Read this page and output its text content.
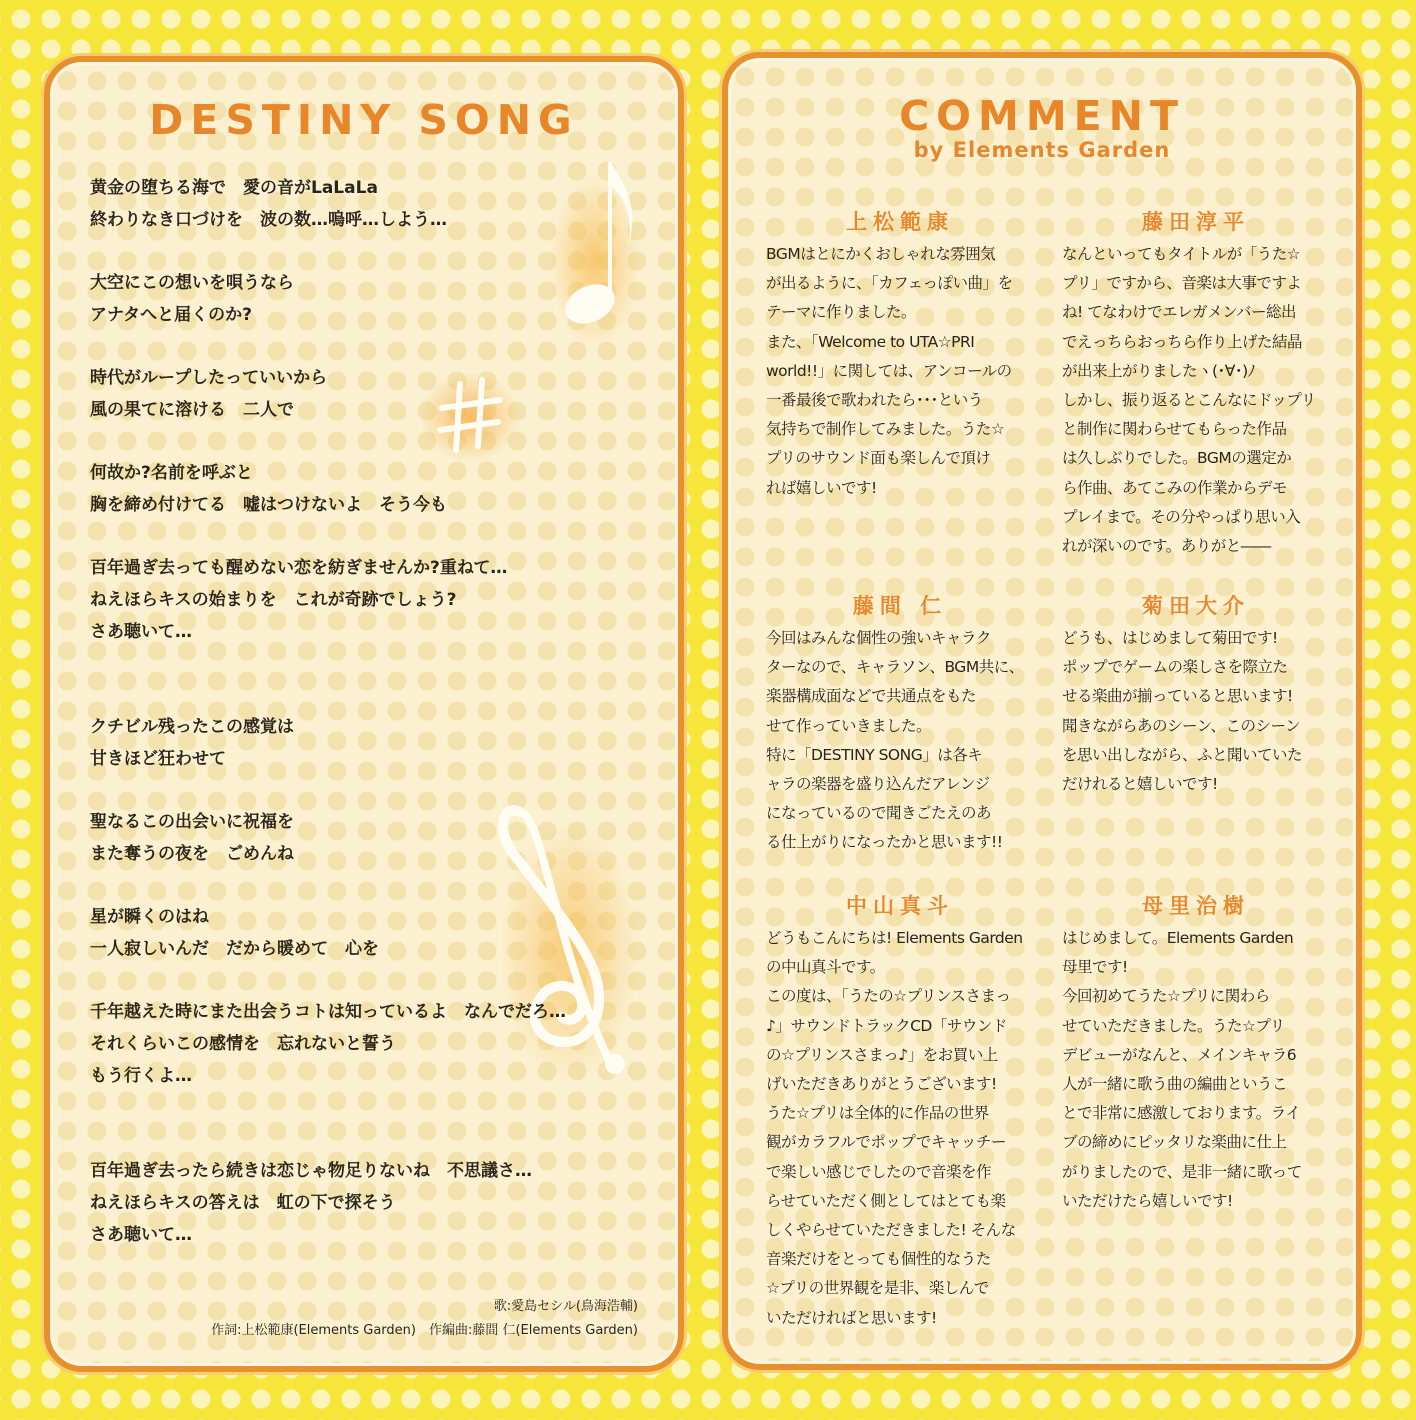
DESTINY SONG
黄金の堕ちる海で　愛の音がLaLaLa
終わりなき口づけを　波の数…嗚呼…しよう…
大空にこの想いを唄うなら
アナタへと届くのか?
時代がループしたっていいから
風の果てに溶ける　二人で
何故か?名前を呼ぶと
胸を締め付けてる　嘘はつけないよ　そう今も
百年過ぎ去っても醒めない恋を紡ぎませんか?重ねて…
ねえほらキスの始まりを　これが奇跡でしょう?
さあ聴いて…
クチビル残ったこの感覚は
甘きほど狂わせて
聖なるこの出会いに祝福を
また奪うの夜を　ごめんね
星が瞬くのはね
一人寂しいんだ　だから暖めて　心を
千年越えた時にまた出会うコトは知っているよ　なんでだろ…
それくらいこの感情を　忘れないと誓う
もう行くよ…
百年過ぎ去ったら続きは恋じゃ物足りないね　不思議さ…
ねえほらキスの答えは　虹の下で探そう
さあ聴いて…
歌:愛島セシル(鳥海浩輔)
作詞:上松範康(Elements Garden)　作編曲:藤間 仁(Elements Garden)
COMMENT
by Elements Garden
上松範康
BGMはとにかくおしゃれな雰囲気
が出るように、「カフェっぽい曲」を
テーマに作りました。
また、「Welcome to UTA☆PRI
world!!」に関しては、アンコールの
一番最後で歌われたら･･･という
気持ちで制作してみました。うた☆
プリのサウンド面も楽しんで頂け
れば嬉しいです!
藤田淳平
なんといってもタイトルが「うた☆
プリ」ですから、音楽は大事ですよ
ね! てなわけでエレガメンバー総出
でえっちらおっちら作り上げた結晶
が出来上がりましたヽ(･∀･)ﾉ
しかし、振り返るとこんなにドップリ
と制作に関わらせてもらった作品
は久しぶりでした。BGMの選定か
ら作曲、あてこみの作業からデモ
プレイまで。その分やっぱり思い入
れが深いのです。ありがと――
藤間 仁
今回はみんな個性の強いキャラク
ターなので、キャラソン、BGM共に、
楽器構成面などで共通点をもた
せて作っていきました。
特に「DESTINY SONG」は各キ
ャラの楽器を盛り込んだアレンジ
になっているので聞きごたえのあ
る仕上がりになったかと思います!!
菊田大介
どうも、はじめまして菊田です!
ポップでゲームの楽しさを際立た
せる楽曲が揃っていると思います!
聞きながらあのシーン、このシーン
を思い出しながら、ふと聞いていた
だけれると嬉しいです!
中山真斗
どうもこんにちは! Elements Garden
の中山真斗です。
この度は、「うたの☆プリンスさまっ
♪」サウンドトラックCD「サウンド
の☆プリンスさまっ♪」をお買い上
げいただきありがとうございます!
うた☆プリは全体的に作品の世界
観がカラフルでポップでキャッチー
で楽しい感じでしたので音楽を作
らせていただく側としてはとても楽
しくやらせていただきました! そんな
音楽だけをとっても個性的なうた
☆プリの世界観を是非、楽しんで
いただければと思います!
母里治樹
はじめまして。Elements Garden
母里です!
今回初めてうた☆プリに関わら
せていただきました。うた☆プリ
デビューがなんと、メインキャラ6
人が一緒に歌う曲の編曲というこ
とで非常に感激しております。ライ
ブの締めにピッタリな楽曲に仕上
がりましたので、是非一緒に歌って
いただけたら嬉しいです!
